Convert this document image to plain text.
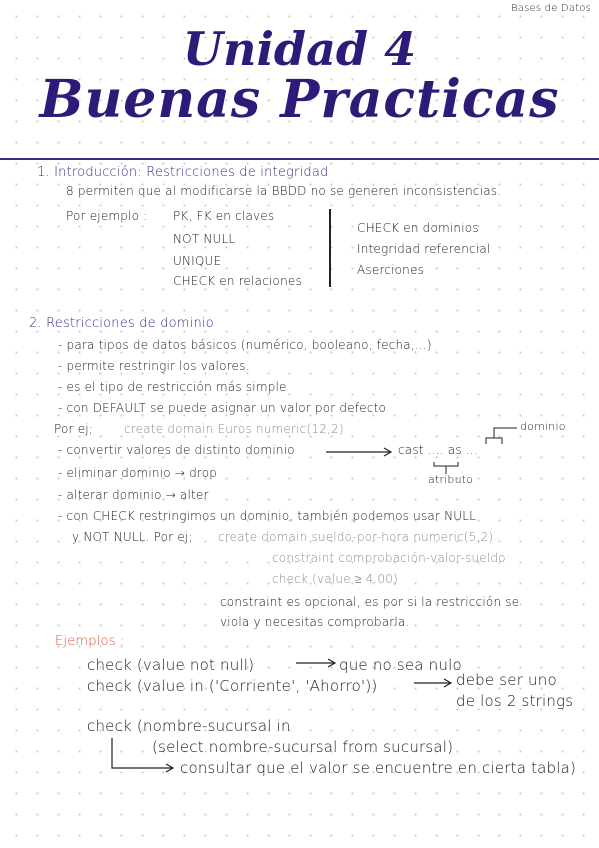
Bases de Datos
Unidad 4
Buenas Practicas
1. Introducción: Restricciones de integridad
8 permiten que al modificarse la BBDD no se generen inconsistencias.
Por ejemplo : PK, FK en claves
NOT NULL
UNIQUE
CHECK en relaciones
CHECK en dominios
Integridad referencial
Aserciones
2. Restricciones de dominio
- para tipos de datos básicos (numérico, booleano, fecha,...)
- permite restringir los valores.
- es el tipo de restricción más simple
- con DEFAULT se puede asignar un valor por defecto
Por ej;	create domain Euros numeric(12,2)
- convertir valores de distinto dominio	cast .... as ...
dominio
atributo
- eliminar dominio → drop
- alterar dominio → alter
- con CHECK restringimos un dominio, también podemos usar NULL
y NOT NULL. Por ej; create domain sueldo-por-hora numeric(5,2)
constraint comprobación-valor-sueldo
check (value ≥ 4.00)
constraint es opcional, es por si la restricción se
viola y necesitas comprobarla.
Ejemplos :
check (value not null)	que no sea nulo
check (value in ('Corriente', 'Ahorro'))	debe ser uno
de los 2 strings
check (nombre-sucursal in
(select nombre-sucursal from sucursal)
consultar que el valor se encuentre en cierta tabla)
